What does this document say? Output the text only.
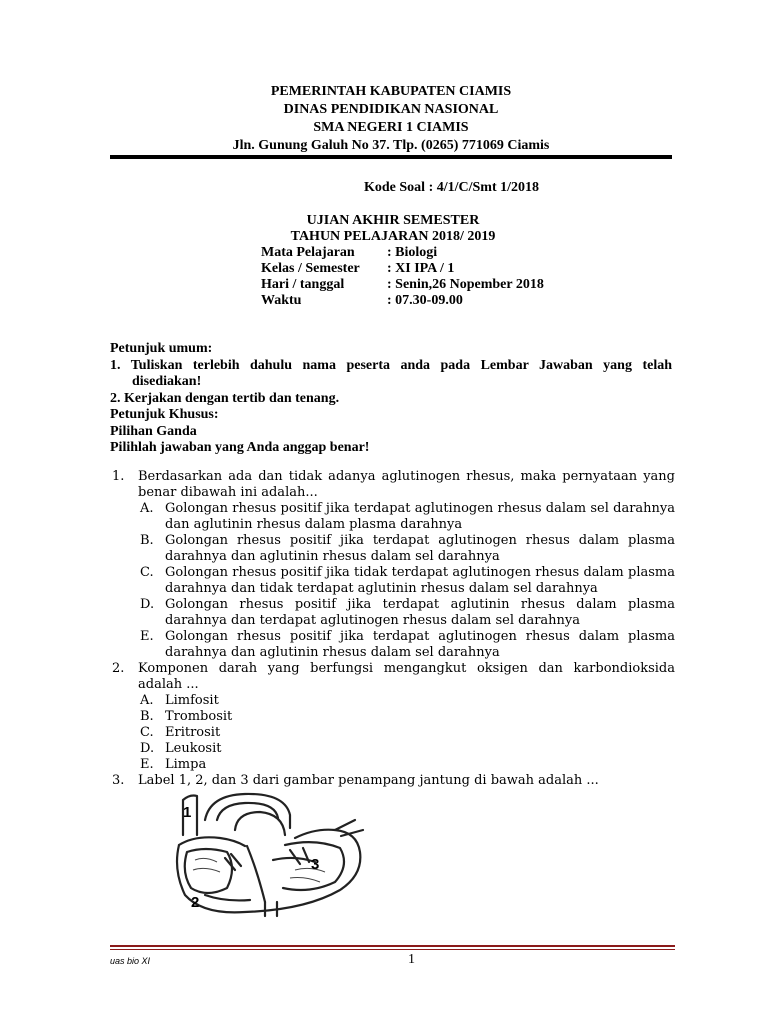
PEMERINTAH KABUPATEN CIAMIS
DINAS PENDIDIKAN NASIONAL
SMA NEGERI 1 CIAMIS
Jln. Gunung Galuh No 37. Tlp. (0265) 771069 Ciamis
Kode Soal : 4/1/C/Smt 1/2018
UJIAN AKHIR SEMESTER
TAHUN PELAJARAN 2018/ 2019
Mata Pelajaran	: Biologi
Kelas / Semester	: XI IPA / 1
Hari / tanggal	: Senin,26 Nopember 2018
Waktu	: 07.30-09.00
Petunjuk umum:
1. Tuliskan terlebih dahulu nama peserta anda pada Lembar Jawaban yang telah
disediakan!
2. Kerjakan dengan tertib dan tenang.
Petunjuk Khusus:
Pilihan Ganda
Pilihlah jawaban yang Anda anggap benar!
1.	Berdasarkan ada dan tidak adanya aglutinogen rhesus, maka pernyataan yang benar dibawah ini adalah...
A. Golongan rhesus positif jika terdapat aglutinogen rhesus dalam sel darahnya dan aglutinin rhesus dalam plasma darahnya
B. Golongan rhesus positif jika terdapat aglutinogen rhesus dalam plasma darahnya dan aglutinin rhesus dalam sel darahnya
C. Golongan rhesus positif jika tidak terdapat aglutinogen rhesus dalam plasma darahnya dan tidak terdapat aglutinin rhesus dalam sel darahnya
D. Golongan rhesus positif jika terdapat aglutinin rhesus dalam plasma darahnya dan terdapat aglutinogen rhesus dalam sel darahnya
E. Golongan rhesus positif jika terdapat aglutinogen rhesus dalam plasma darahnya dan aglutinin rhesus dalam sel darahnya
2.	Komponen darah yang berfungsi mengangkut oksigen dan karbondioksida adalah ...
A. Limfosit
B. Trombosit
C. Eritrosit
D. Leukosit
E. Limpa
3.	Label 1, 2, dan 3 dari gambar penampang jantung di bawah adalah ...
1
2
3
uas bio XI	1
